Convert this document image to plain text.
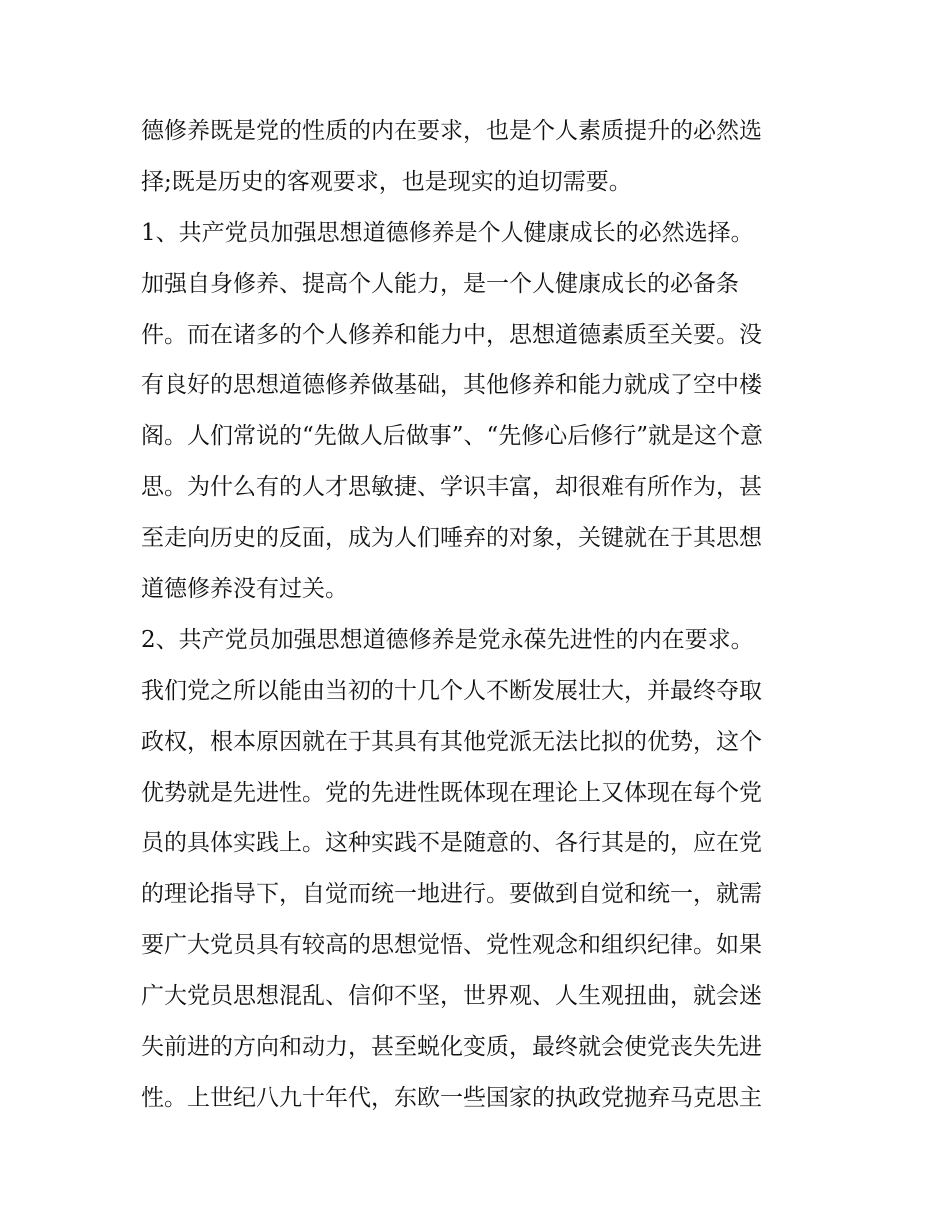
德修养既是党的性质的内在要求，也是个人素质提升的必然选
择;既是历史的客观要求，也是现实的迫切需要。
1、共产党员加强思想道德修养是个人健康成长的必然选择。
加强自身修养、提高个人能力，是一个人健康成长的必备条
件。而在诸多的个人修养和能力中，思想道德素质至关要。没
有良好的思想道德修养做基础，其他修养和能力就成了空中楼
阁。人们常说的“先做人后做事”、“先修心后修行”就是这个意
思。为什么有的人才思敏捷、学识丰富，却很难有所作为，甚
至走向历史的反面，成为人们唾弃的对象，关键就在于其思想
道德修养没有过关。
2、共产党员加强思想道德修养是党永葆先进性的内在要求。
我们党之所以能由当初的十几个人不断发展壮大，并最终夺取
政权，根本原因就在于其具有其他党派无法比拟的优势，这个
优势就是先进性。党的先进性既体现在理论上又体现在每个党
员的具体实践上。这种实践不是随意的、各行其是的，应在党
的理论指导下，自觉而统一地进行。要做到自觉和统一，就需
要广大党员具有较高的思想觉悟、党性观念和组织纪律。如果
广大党员思想混乱、信仰不坚，世界观、人生观扭曲，就会迷
失前进的方向和动力，甚至蜕化变质，最终就会使党丧失先进
性。上世纪八九十年代，东欧一些国家的执政党抛弃马克思主
